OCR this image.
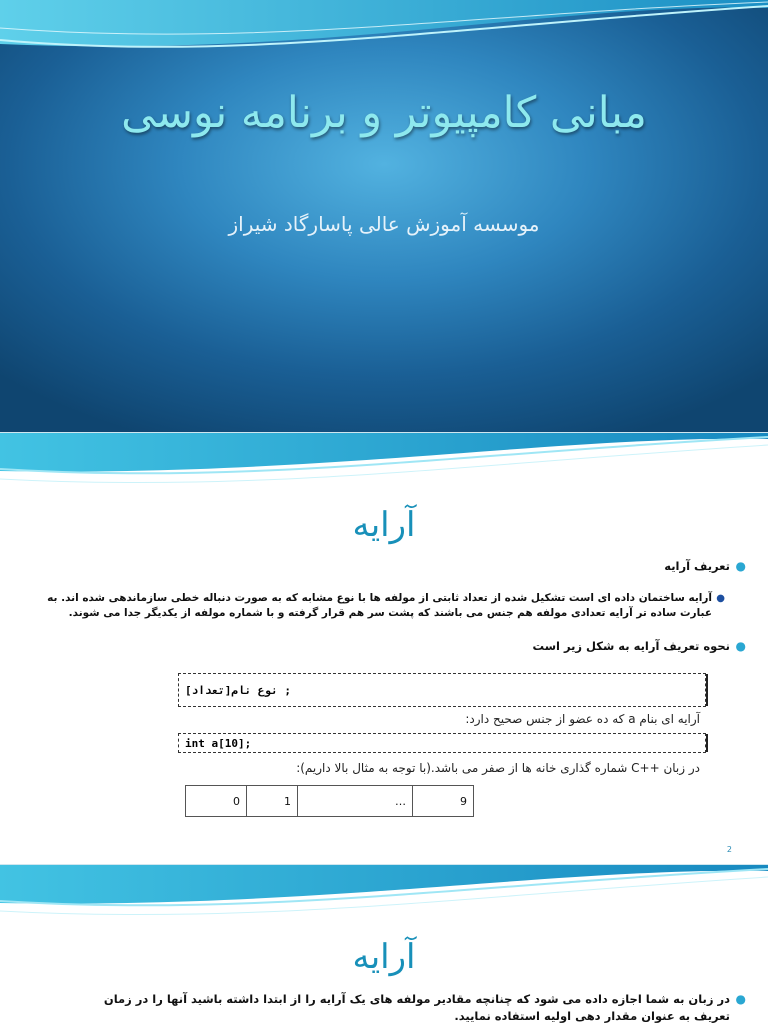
مبانی کامپیوتر و برنامه نوسی

موسسه آموزش عالی پاسارگاد شیراز

آرایه
●
تعریف آرایه
●
آرایه ساختمان داده ای است تشکیل شده از تعداد ثابتی از مولفه ها با نوع مشابه که به صورت دنباله خطی سازماندهی شده اند. به
عبارت ساده تر آرایه تعدادی مولفه هم جنس می باشند که پشت سر هم قرار گرفته و با شماره مولفه از یکدیگر جدا می شوند.
●
نحوه تعریف آرایه به شکل زیر است
نوع نام[تعداد] ;
آرایه ای بنام a که ده عضو از جنس صحیح دارد:
int a[10];
در زبان ++C شماره گذاری خانه ها از صفر می باشد.(با توجه به مثال بالا داریم):
0	1	…	9
2
آرایه
●
در زبان به شما اجازه داده می شود که چنانچه مقادیر مولفه های یک آرایه را از ابتدا داشته باشید آنها را در زمان
تعریف به عنوان مقدار دهی اولیه استفاده نمایید.
